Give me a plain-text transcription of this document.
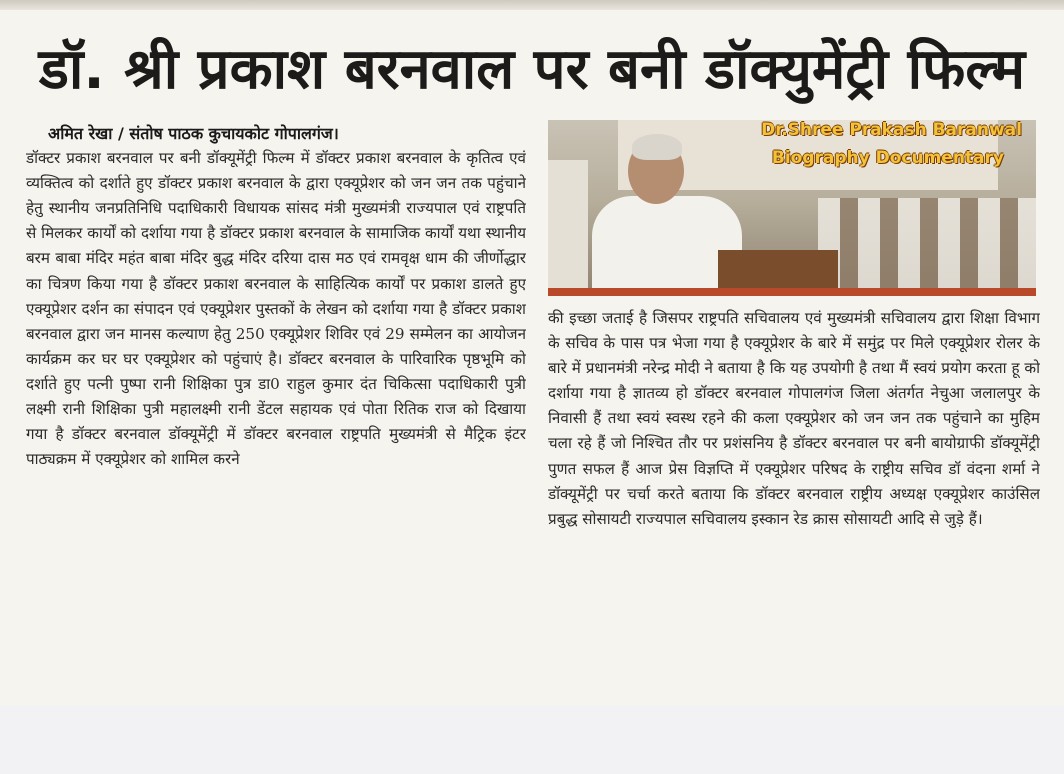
डॉ. श्री प्रकाश बरनवाल पर बनी डॉक्युमेंट्री फिल्म
अमित रेखा / संतोष पाठक कुचायकोट गोपालगंज।
डॉक्टर प्रकाश बरनवाल पर बनी डॉक्यूमेंट्री फिल्म में डॉक्टर प्रकाश बरनवाल के कृतित्व एवं व्यक्तित्व को दर्शाते हुए डॉक्टर प्रकाश बरनवाल के द्वारा एक्यूप्रेशर को जन जन तक पहुंचाने हेतु स्थानीय जनप्रतिनिधि पदाधिकारी विधायक सांसद मंत्री मुख्यमंत्री राज्यपाल एवं राष्ट्रपति से मिलकर कार्यों को दर्शाया गया है डॉक्टर प्रकाश बरनवाल के सामाजिक कार्यों यथा स्थानीय बरम बाबा मंदिर महंत बाबा मंदिर बुद्ध मंदिर दरिया दास मठ एवं रामवृक्ष धाम की जीर्णोद्धार का चित्रण किया गया है डॉक्टर प्रकाश बरनवाल के साहित्यिक कार्यों पर प्रकाश डालते हुए एक्यूप्रेशर दर्शन का संपादन एवं एक्यूप्रेशर पुस्तकों के लेखन को दर्शाया गया है डॉक्टर प्रकाश बरनवाल द्वारा जन मानस कल्याण हेतु 250 एक्यूप्रेशर शिविर एवं 29 सम्मेलन का आयोजन कार्यक्रम कर घर घर एक्यूप्रेशर को पहुंचाएं है। डॉक्टर बरनवाल के पारिवारिक पृष्ठभूमि को दर्शाते हुए पत्नी पुष्पा रानी शिक्षिका पुत्र डा0 राहुल कुमार दंत चिकित्सा पदाधिकारी पुत्री लक्ष्मी रानी शिक्षिका पुत्री महालक्ष्मी रानी डेंटल सहायक एवं पोता रितिक राज को दिखाया गया है डॉक्टर बरनवाल डॉक्यूमेंट्री में डॉक्टर बरनवाल राष्ट्रपति मुख्यमंत्री से मैट्रिक इंटर पाठ्यक्रम में एक्यूप्रेशर को शामिल करने
Dr.Shree Prakash Baranwal
Biography Documentary
की इच्छा जताई है जिसपर राष्ट्रपति सचिवालय एवं मुख्यमंत्री सचिवालय द्वारा शिक्षा विभाग के सचिव के पास पत्र भेजा गया है एक्यूप्रेशर के बारे में समुंद्र पर मिले एक्यूप्रेशर रोलर के बारे में प्रधानमंत्री नरेन्द्र मोदी ने बताया है कि यह उपयोगी है तथा मैं स्वयं प्रयोग करता हू को दर्शाया गया है ज्ञातव्य हो डॉक्टर बरनवाल गोपालगंज जिला अंतर्गत नेचुआ जलालपुर के निवासी हैं तथा स्वयं स्वस्थ रहने की कला एक्यूप्रेशर को जन जन तक पहुंचाने का मुहिम चला रहे हैं जो निश्चित तौर पर प्रशंसनिय है डॉक्टर बरनवाल पर बनी बायोग्राफी डॉक्यूमेंट्री पुणत सफल हैं आज प्रेस विज्ञप्ति में एक्यूप्रेशर परिषद के राष्ट्रीय सचिव डॉ वंदना शर्मा ने डॉक्यूमेंट्री पर चर्चा करते बताया कि डॉक्टर बरनवाल राष्ट्रीय अध्यक्ष एक्यूप्रेशर काउंसिल प्रबुद्ध सोसायटी राज्यपाल सचिवालय इस्कान रेड क्रास सोसायटी आदि से जुड़े हैं।
